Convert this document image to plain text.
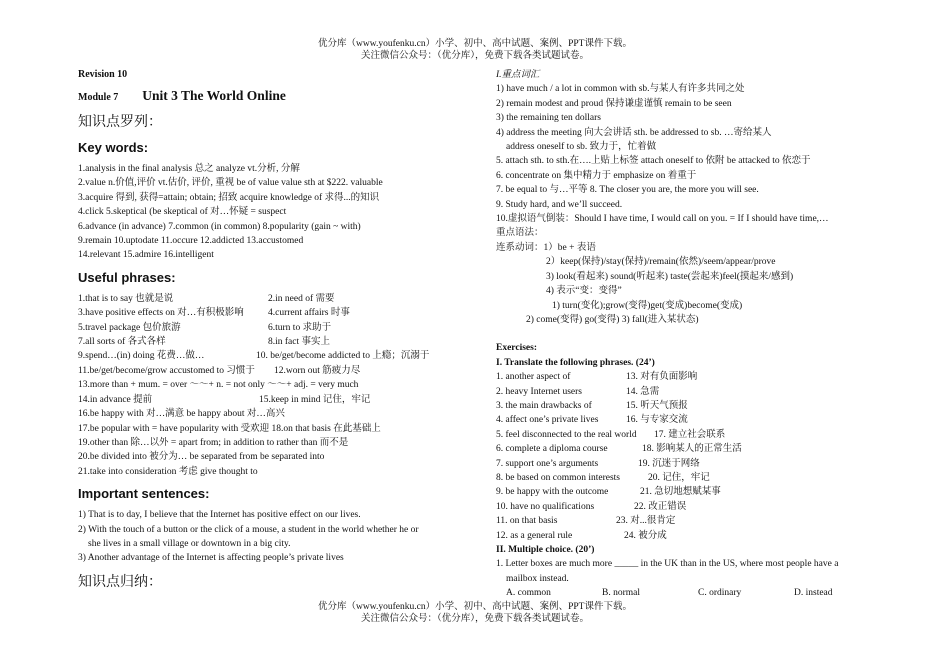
优分库（www.youfenku.cn）小学、初中、高中试题、案例、PPT课件下载。
关注微信公众号：（优分库），免费下载各类试题试卷。
Revision 10
Module 7 Unit 3 The World Online
知识点罗列：
Key words:
1.analysis in the final analysis 总之 analyze vt.分析, 分解
2.value n.价值,评价 vt.估价, 评价, 重视 be of value value sth at $222. valuable
3.acquire 得到, 获得=attain; obtain; 招致 acquire knowledge of 求得...的知识
4.click 5.skeptical (be skeptical of 对…怀疑 = suspect
6.advance (in advance) 7.common (in common) 8.popularity (gain ~ with)
9.remain 10.uptodate 11.occure 12.addicted 13.accustomed
14.relevant 15.admire 16.intelligent
Useful phrases:
1.that is to say 也就是说	2.in need of 需要
3.have positive effects on 对…有积极影响	4.current affairs 时事
5.travel package 包价旅游	6.turn to 求助于
7.all sorts of 各式各样	8.in fact 事实上
9.spend…(in) doing 花费…做…	10. be/get/become addicted to 上瘾；沉溺于
11.be/get/become/grow accustomed to 习惯于 12.worn out 筋疲力尽
13.more than + mum. = over ～～+ n. = not only ～～+ adj. = very much
14.in advance 提前	15.keep in mind 记住，牢记
16.be happy with 对…满意 be happy about 对…高兴
17.be popular with = have popularity with 受欢迎 18.on that basis 在此基础上
19.other than 除…以外 = apart from; in addition to rather than 而不是
20.be divided into 被分为… be separated from be separated into
21.take into consideration 考虑 give thought to
Important sentences:
1) That is to day, I believe that the Internet has positive effect on our lives.
2) With the touch of a button or the click of a mouse, a student in the world whether he or
she lives in a small village or downtown in a big city.
3) Another advantage of the Internet is affecting people’s private lives
知识点归纳：
I.重点词汇
1) have much / a lot in common with sb.与某人有许多共同之处
2) remain modest and proud 保持谦虚谨慎 remain to be seen
3) the remaining ten dollars
4) address the meeting 向大会讲话 sth. be addressed to sb. …寄给某人
address oneself to sb. 致力于，忙着做
5. attach sth. to sth.在….上贴上标签 attach oneself to 依附 be attacked to 依恋于
6. concentrate on 集中精力于 emphasize on 着重于
7. be equal to 与…平等 8. The closer you are, the more you will see.
9. Study hard, and we’ll succeed.
10.虚拟语气倒装：Should I have time, I would call on you. = If I should have time,…
重点语法：
连系动词：1）be + 表语
2）keep(保持)/stay(保持)/remain(依然)/seem/appear/prove
3) look(看起来) sound(听起来) taste(尝起来)feel(摸起来/感到)
4) 表示“变：变得”
1) turn(变化);grow(变得)get(变成)become(变成)
2) come(变得) go(变得) 3) fall(进入某状态)
Exercises:
I. Translate the following phrases. (24’)
1. another aspect of	13. 对有负面影响
2. heavy Internet users	14. 急需
3. the main drawbacks of	15. 听天气预报
4. affect one’s private lives	16. 与专家交流
5. feel disconnected to the real world	17. 建立社会联系
6. complete a diploma course	18. 影响某人的正常生活
7. support one’s arguments	19. 沉迷于网络
8. be based on common interests	20. 记住，牢记
9. be happy with the outcome	21. 急切地想赋某事
10. have no qualifications	22. 改正错误
11. on that basis	23. 对...很肯定
12. as a general rule	24. 被分成
II. Multiple choice. (20’)
1. Letter boxes are much more _____ in the UK than in the US, where most people have a
mailbox instead.
A. common	B. normal	C. ordinary	D. instead
优分库（www.youfenku.cn）小学、初中、高中试题、案例、PPT课件下载。
关注微信公众号：（优分库），免费下载各类试题试卷。
